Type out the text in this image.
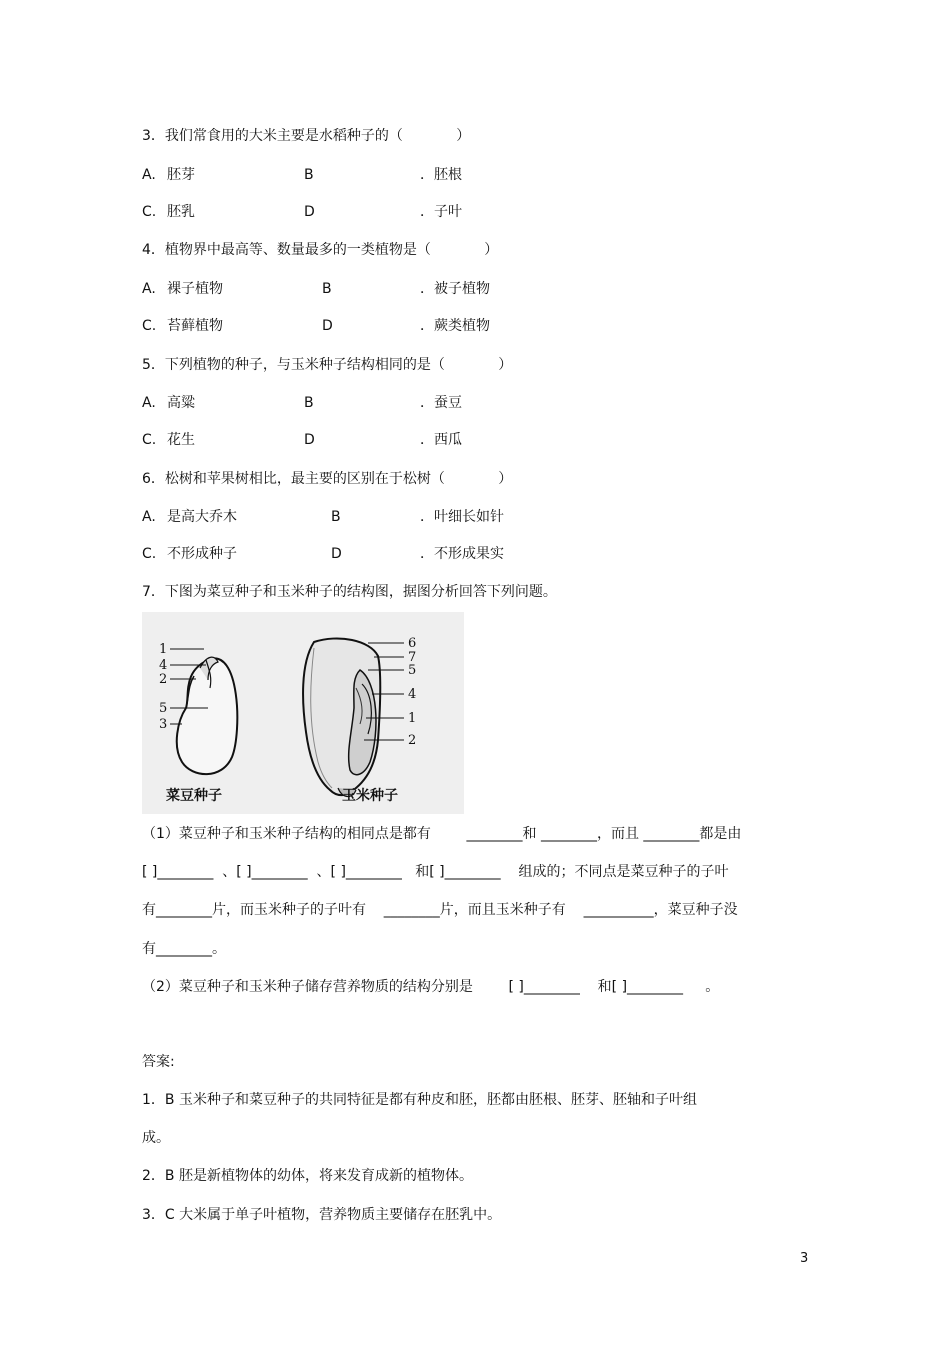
3．我们常食用的大米主要是水稻种子的（            ）
A. 胚芽	B	．胚根
C. 胚乳	D	．子叶
4．植物界中最高等、数量最多的一类植物是（            ）
A. 裸子植物	B	．被子植物
C. 苔藓植物	D	．蕨类植物
5．下列植物的种子，与玉米种子结构相同的是（            ）
A. 高粱	B	．蚕豆
C. 花生	D	．西瓜
6．松树和苹果树相比，最主要的区别在于松树（            ）
A. 是高大乔木	B	．叶细长如针
C. 不形成种子	D	．不形成果实
7．下图为菜豆种子和玉米种子的结构图，据图分析回答下列问题。
1
4
2
5
3
菜豆种子
6
7
5
4
1
2
玉米种子
（1）菜豆种子和玉米种子结构的相同点是都有        ________和 ________，而且 ________都是由
[ ]________  、[ ]________  、[ ]________   和[ ]________    组成的；不同点是菜豆种子的子叶
有________片，而玉米种子的子叶有    ________片，而且玉米种子有    __________，菜豆种子没
有________。
（2）菜豆种子和玉米种子储存营养物质的结构分别是        [ ]________    和[ ]________     。
答案:
1．B 玉米种子和菜豆种子的共同特征是都有种皮和胚，胚都由胚根、胚芽、胚轴和子叶组
成。
2．B 胚是新植物体的幼体，将来发育成新的植物体。
3．C 大米属于单子叶植物，营养物质主要储存在胚乳中。
3
